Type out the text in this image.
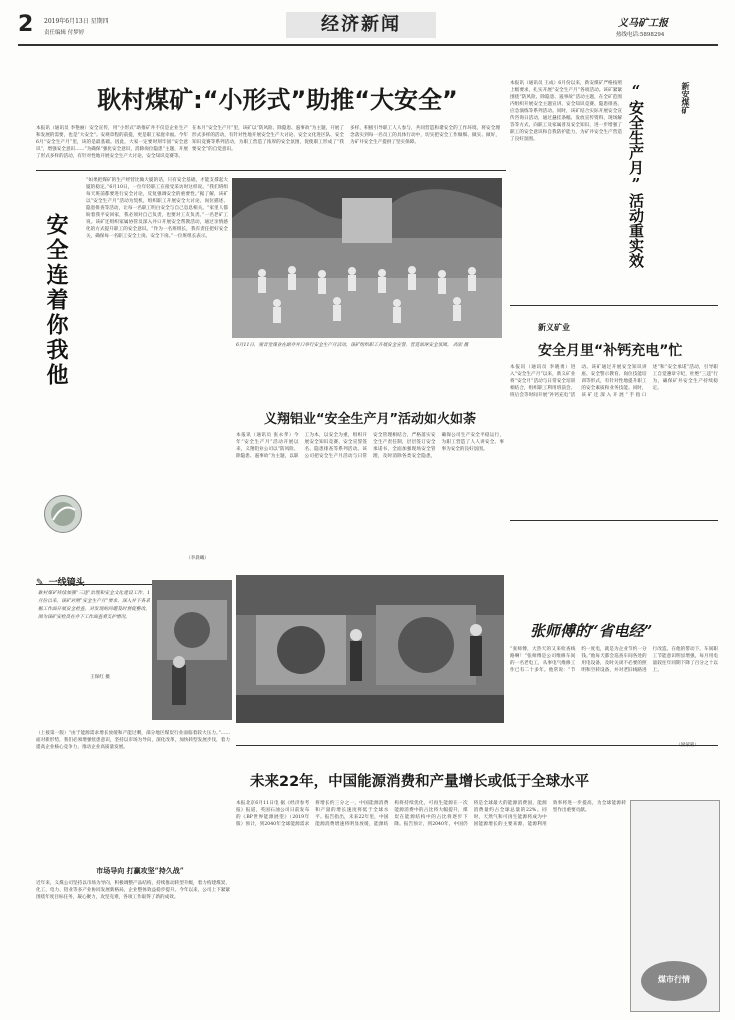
2 2019年6月13日 星期四
责任编辑 付梦婷	经济新闻	义马矿工报
热线电话:5898294
耿村煤矿:“小形式”助推“大安全”
本报讯（通讯员 李艳丽）安全宣传，用“小形式”助推矿井不仅是企业生产和发展的需要，也是“大安全”。安规章程的前提，更是职工家庭幸福。今年6月“安全生产月”里，该的是最基础。因此，大家一定要时刻牢固“安全意识”，增强安全意识……“为确保“强化安全意识，消除岗位隐患”主题，开展了形式多样的活动，有针对性地开展安全生产大讨论、安全知识竞赛等。
在本月“安全生产月”里，该矿以“防风险、除隐患、遏事故”为主题，开展了形式多样的活动，有针对性地开展安全生产大讨论、安全文化进区队、安全知识竞赛等系列活动，为职工营造了浓厚的安全氛围，促使职工形成了“我要安全”的自觉意识。
多样，积极引导职工人人参与，共同营造和谐安全的工作环境，将安全理念落实到每一名员工的具体行动中，切实把安全工作做细、做实、做好，为矿井安全生产提供了坚实保障。
安全连着你我他
“如果把煤矿的生产经营比做大厦的话，只有安全基础，才能支撑起大厦的稳定。”6月10日，一位年轻职工在接受采访时这样说。“我们班组每天班前都要进行安全讨论，反复强调安全的重要性。”据了解，该矿以“安全生产月”活动为契机，组织职工开展安全大讨论、岗位描述、隐患排查等活动，让每一名职工明白安全与自己息息相关。“家里人都盼着我平安回家，我必须对自己负责，也要对工友负责。”一名老矿工说。该矿还组织家属协管员深入井口开展安全帮教活动，通过亲情感化的方式提升职工的安全意识。“作为一名班组长，我有责任把好安全关，确保每一名职工安全上岗、安全下岗。”一位班组长表示。
（李晨曦）
6月11日，观音堂煤业在副井井口举行安全生产月活动，该矿组织职工开展安全宣誓，营造浓厚安全氛围。 高宏 摄
义翔铝业“安全生产月”活动如火如荼
本报讯（通讯员 张永孝）今年“安全生产月”活动开展以来，义翔铝业公司以“防风险、除隐患、遏事故”为主题，以职工为本，以安全为重，组织开展安全知识竞赛、安全宣誓签名、隐患排查等系列活动。该公司把安全生产月活动与日常安全管理相结合，严格落实安全生产责任制，层层签订安全承诺书，全面加强现场安全管理，及时消除各类安全隐患，确保公司生产安全平稳运行，为职工营造了人人讲安全、事事为安全的良好氛围。
本报讯（通讯员 王成）6月份以来，新安煤矿严格按照上级要求，扎实开展“安全生产月”各项活动。该矿紧紧围绕“防风险、除隐患、遏事故”活动主题，在全矿范围内组织开展安全主题宣讲、安全知识竞赛、隐患排查、应急演练等系列活动。同时，该矿结合实际开展安全宣传咨询日活动，通过悬挂条幅、发放宣传资料、现场解答等方式，向职工及家属普及安全知识，进一步增强了职工的安全意识和自我防护能力，为矿井安全生产营造了良好氛围。
新安煤矿
“安全生产月”活动重实效
新义矿业
安全月里“补钙充电”忙
本报讯（通讯员 李晓勇）进入“安全生产月”以来，新义矿业将“安全月”活动与日常安全培训相结合，组织职工利用班前会、班后会等时间开展“补钙充电”活动。该矿通过开展安全知识讲座、安全警示教育、岗位技能培训等形式，有针对性地提升职工的安全素质和业务技能。同时，该矿还深入开展“手指口述”和“安全承诺”活动，引导职工自觉遵章守纪，杜绝“三违”行为，确保矿井安全生产持续稳定。
✎ 一线镜头
耿村煤矿持续加强“三违”治理和安全文化建设工作，1月份以来，该矿对照“安全生产月”要求，深入井下各采掘工作面开展安全检查，对发现的问题及时督促整改。图为该矿安检员在井下工作面查看支护情况。
王保红 摄
张师傅的“省电经”
“张师傅，大热天的又来检查线路啊！”张师傅是公司维修车间的一名老电工，从事电气维修工作已有二十多年。他常说：“节约一度电，就是为企业节约一分钱。”他每天都会巡查车间各处的用电设备，及时关闭不必要的照明和空转设备，并对老旧线路进行改造。在他的带动下，车间职工节能意识明显增强，每月用电量较往年同期下降了百分之十以上。
（上接第一版）“由于能源需求增长放缓和产能过剩，部分地区煤炭行业面临着较大压力。”……面对新形势，我们必须增强忧患意识，坚持以市场为导向，深化改革，加快转型发展步伐，着力提高企业核心竞争力，推动企业高质量发展。
市场导向 打赢攻坚“持久战”
近年来，义煤公司坚持以市场为导向，积极调整产品结构，持续推动转型升级，着力构建煤炭、化工、电力、铝业等多产业协同发展新格局，企业整体效益稳步提升。今年以来，公司上下紧紧围绕年度目标任务，凝心聚力，攻坚克难，各项工作取得了新的成效。
未来22年，中国能源消费和产量增长或低于全球水平
本报北京6月11日电 据《经济参考报》报道，英国石油公司日前发布的《BP世界能源展望》（2019年版）预计，到2040年全球能源需求将增长约三分之一，中国能源消费和产量的增长速度将低于全球水平。报告指出，未来22年里，中国能源消费增速将明显放缓，能源结构将持续优化，可再生能源在一次能源消费中的占比将大幅提升，煤炭在能源结构中的占比将逐步下降。报告预计，到2040年，中国仍将是全球最大的能源消费国，能源消费量约占全球总量的22%。同时，天然气和可再生能源将成为中国能源增长的主要来源，能源利用效率将进一步提高，为全球能源转型作出重要贡献。
煤市行情
